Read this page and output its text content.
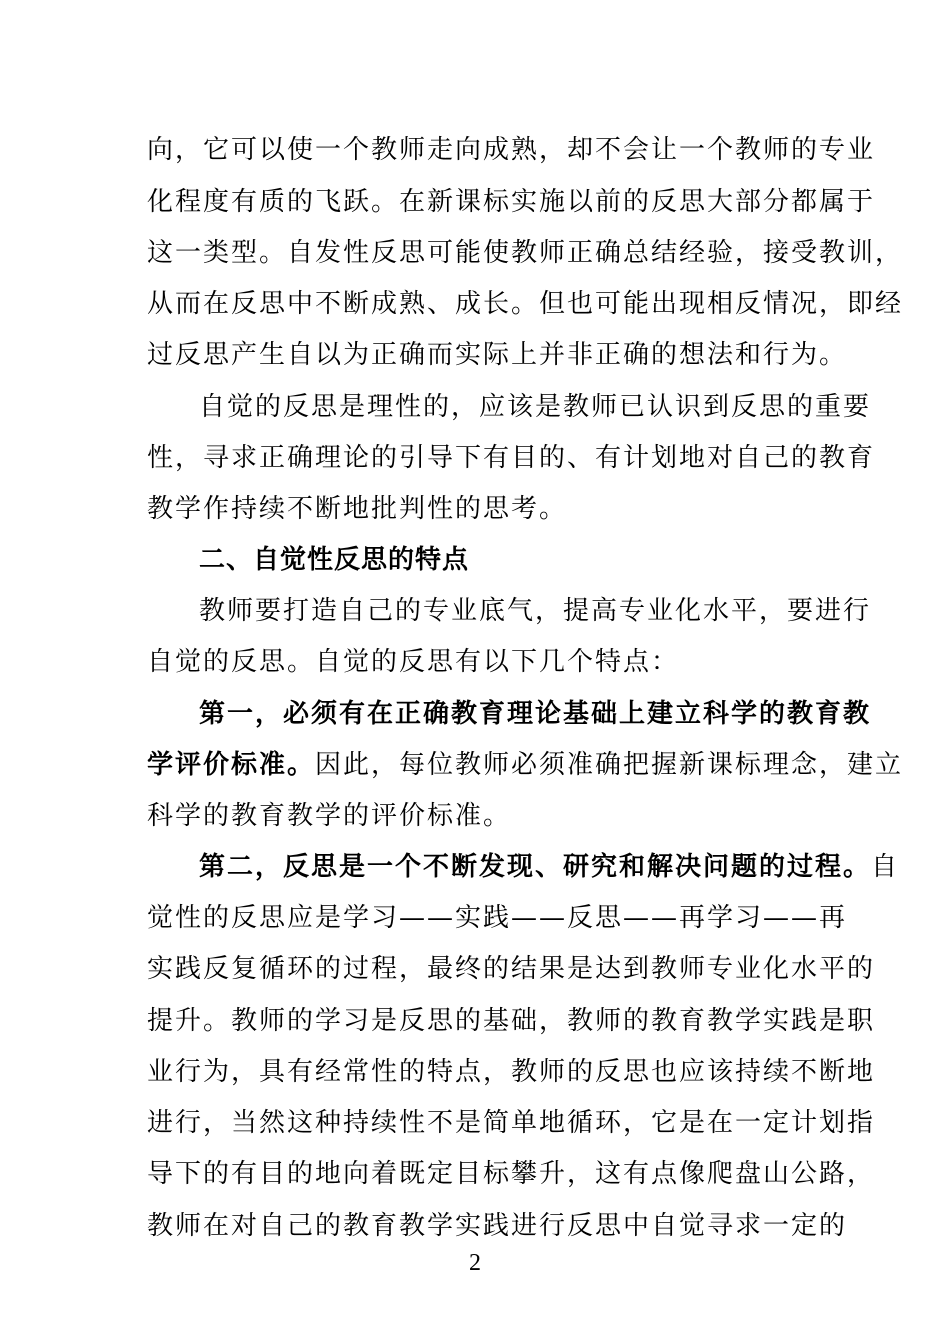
向，它可以使一个教师走向成熟，却不会让一个教师的专业
化程度有质的飞跃。在新课标实施以前的反思大部分都属于
这一类型。自发性反思可能使教师正确总结经验，接受教训，
从而在反思中不断成熟、成长。但也可能出现相反情况，即经
过反思产生自以为正确而实际上并非正确的想法和行为。
自觉的反思是理性的，应该是教师已认识到反思的重要
性，寻求正确理论的引导下有目的、有计划地对自己的教育
教学作持续不断地批判性的思考。
二、自觉性反思的特点
教师要打造自己的专业底气，提高专业化水平，要进行
自觉的反思。自觉的反思有以下几个特点：
第一，必须有在正确教育理论基础上建立科学的教育教
学评价标准。因此，每位教师必须准确把握新课标理念，建立
科学的教育教学的评价标准。
第二，反思是一个不断发现、研究和解决问题的过程。自
觉性的反思应是学习——实践——反思——再学习——再
实践反复循环的过程，最终的结果是达到教师专业化水平的
提升。教师的学习是反思的基础，教师的教育教学实践是职
业行为，具有经常性的特点，教师的反思也应该持续不断地
进行，当然这种持续性不是简单地循环，它是在一定计划指
导下的有目的地向着既定目标攀升，这有点像爬盘山公路，
教师在对自己的教育教学实践进行反思中自觉寻求一定的
2
